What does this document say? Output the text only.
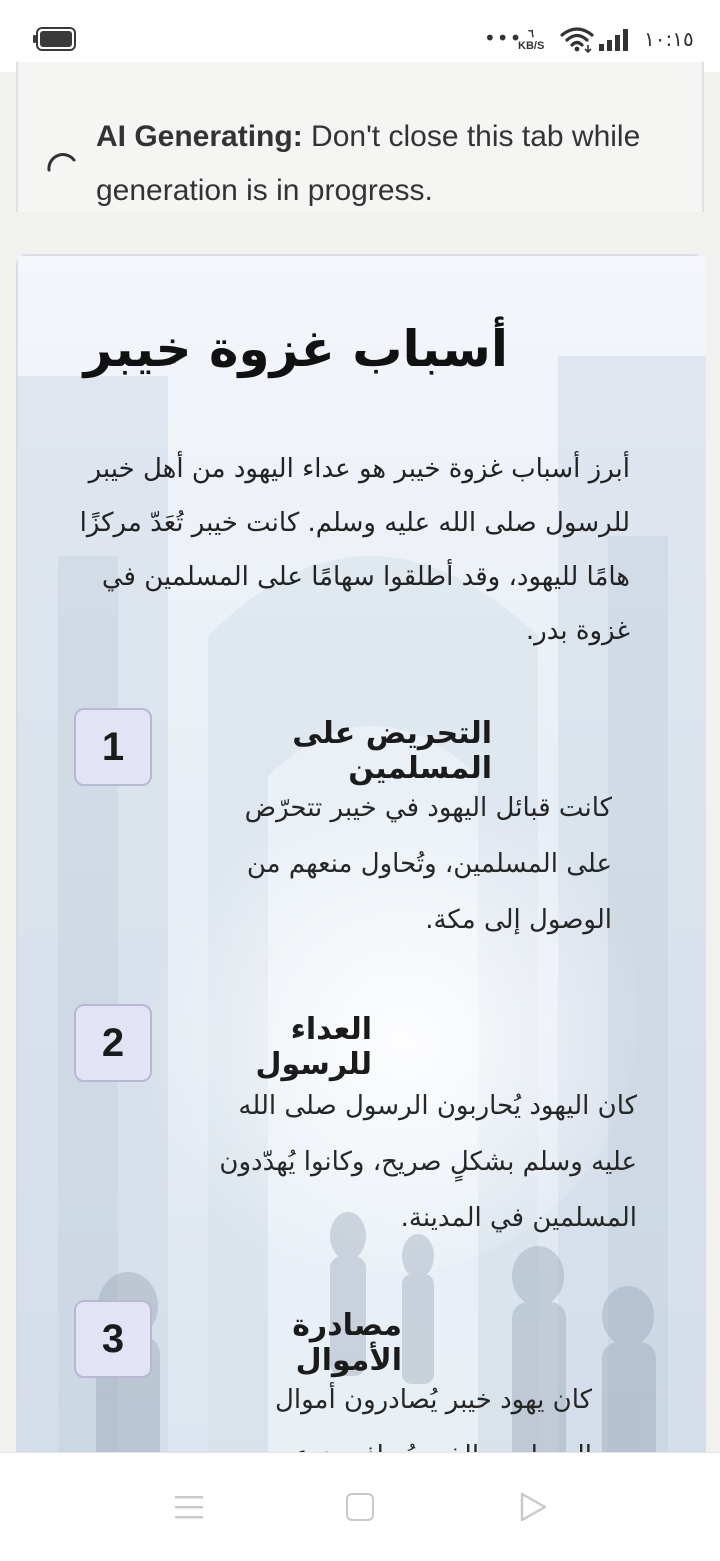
••• ٦
KB/S	١٠:١٥
AI Generating: Don't close this tab while generation is in progress.
أسباب غزوة خيبر
أبرز أسباب غزوة خيبر هو عداء اليهود من أهل خيبر للرسول صلى الله عليه وسلم. كانت خيبر تُعَدّ مركزًا هامًا لليهود، وقد أطلقوا سهامًا على المسلمين في غزوة بدر.
1	التحريض على المسلمين
كانت قبائل اليهود في خيبر تتحرّض على المسلمين، وتُحاول منعهم من الوصول إلى مكة.
2	العداء للرسول
كان اليهود يُحاربون الرسول صلى الله عليه وسلم بشكلٍ صريح، وكانوا يُهدّدون المسلمين في المدينة.
3	مصادرة الأموال
كان يهود خيبر يُصادرون أموال
